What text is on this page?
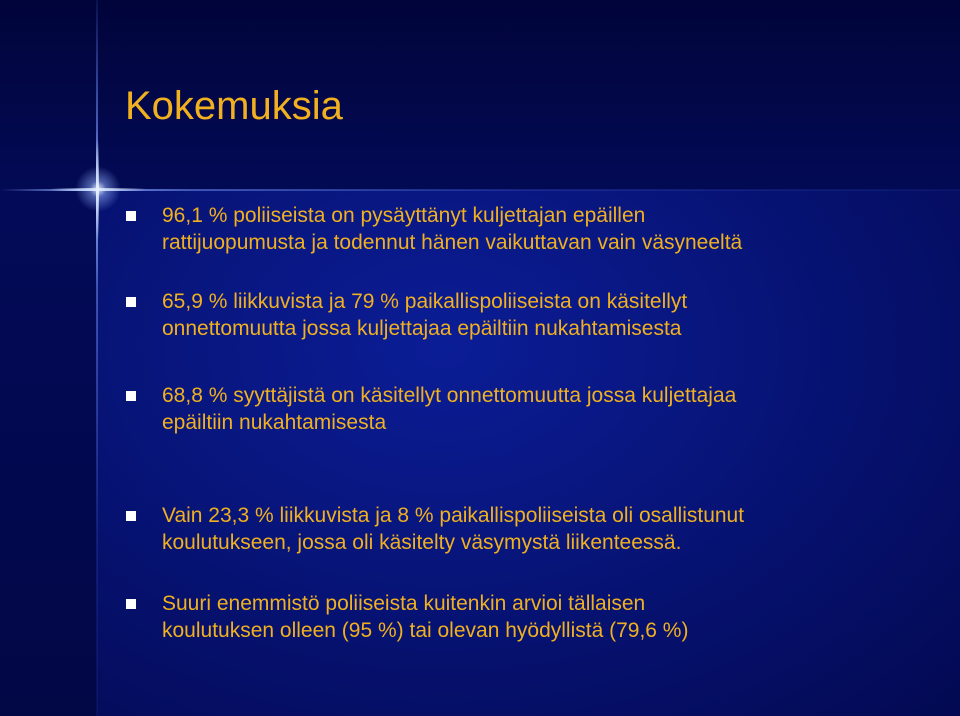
Kokemuksia
96,1 % poliiseista on pysäyttänyt kuljettajan epäillen
rattijuopumusta ja todennut hänen vaikuttavan vain väsyneeltä
65,9 % liikkuvista ja 79 % paikallispoliiseista on käsitellyt
onnettomuutta jossa kuljettajaa epäiltiin nukahtamisesta
68,8 % syyttäjistä on käsitellyt onnettomuutta jossa kuljettajaa
epäiltiin nukahtamisesta
Vain 23,3 % liikkuvista ja 8 % paikallispoliiseista oli osallistunut
koulutukseen, jossa oli käsitelty väsymystä liikenteessä.
Suuri enemmistö poliiseista kuitenkin arvioi tällaisen
koulutuksen olleen (95 %) tai olevan hyödyllistä (79,6 %)
